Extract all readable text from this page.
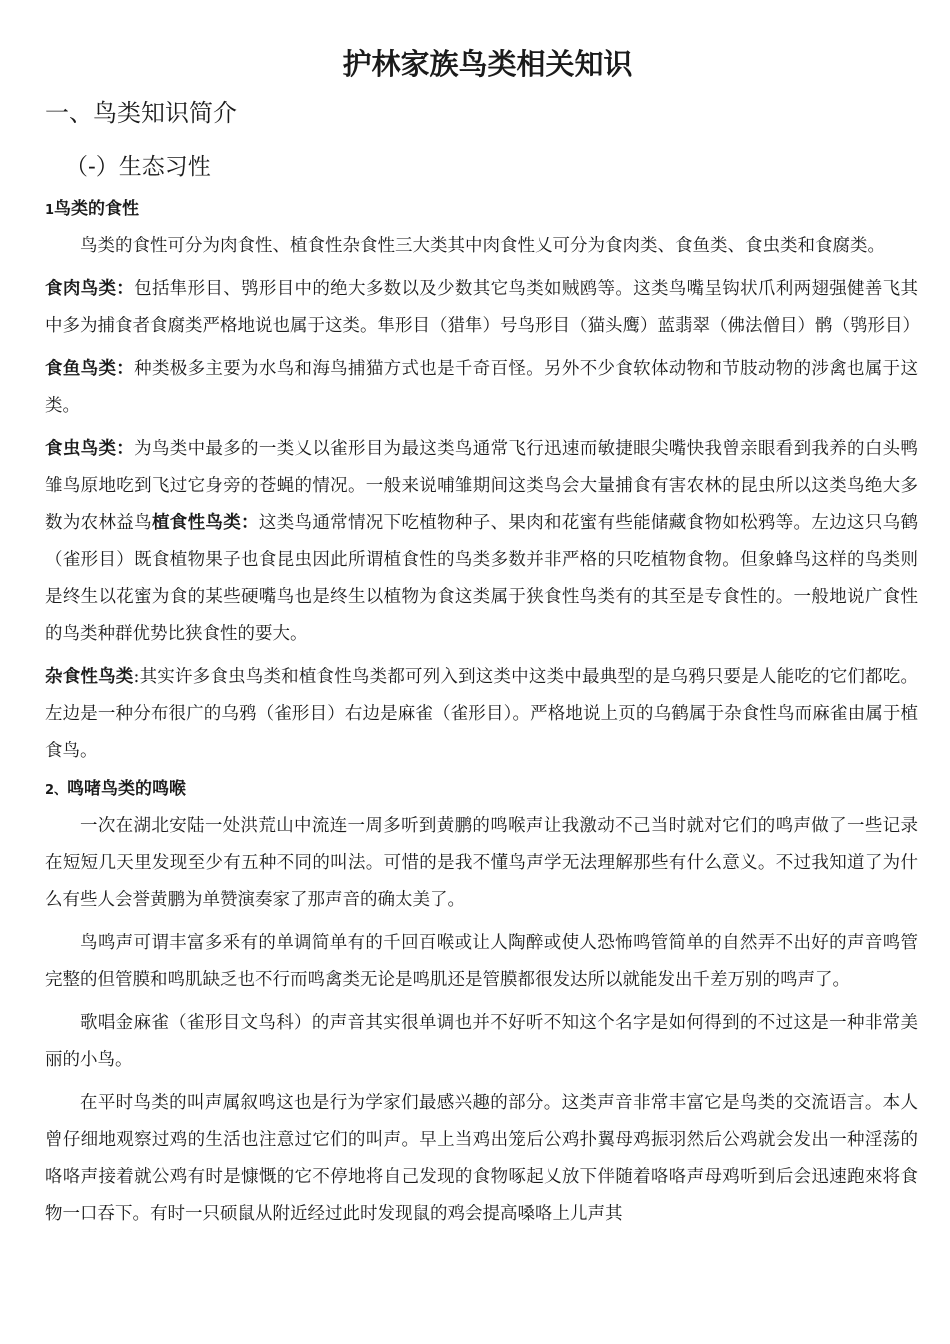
护林家族鸟类相关知识
一、鸟类知识简介
（-）生态习性
1鸟类的食性

鸟类的食性可分为肉食性、植食性杂食性三大类其中肉食性乂可分为食肉类、食鱼类、食虫类和食腐类。

食肉鸟类：包括隼形目、鸮形目中的绝大多数以及少数其它鸟类如贼鸥等。这类鸟嘴呈钩状爪利两翅强健善飞其中多为捕食者食腐类严格地说也属于这类。隼形目（猎隼）号鸟形目（猫头鹰）蓝翡翠（佛法僧目）鹘（鸮形目）

食鱼鸟类：种类极多主要为水鸟和海鸟捕猫方式也是千奇百怪。另外不少食软体动物和节肢动物的涉禽也属于这类。

食虫鸟类：为鸟类中最多的一类乂以雀形目为最这类鸟通常飞行迅速而敏捷眼尖嘴快我曾亲眼看到我养的白头鸭雏鸟原地吃到飞过它身旁的苍蝇的情况。一般来说哺雏期间这类鸟会大量捕食有害农林的昆虫所以这类鸟绝大多数为农林益鸟植食性鸟类：这类鸟通常情况下吃植物种子、果肉和花蜜有些能储藏食物如松鸦等。左边这只乌鹤（雀形目）既食植物果子也食昆虫因此所谓植食性的鸟类多数并非严格的只吃植物食物。但象蜂鸟这样的鸟类则是终生以花蜜为食的某些硬嘴鸟也是终生以植物为食这类属于狭食性鸟类有的其至是专食性的。一般地说广食性的鸟类种群优势比狭食性的要大。

杂食性鸟类:其实许多食虫鸟类和植食性鸟类都可列入到这类中这类中最典型的是乌鸦只要是人能吃的它们都吃。左边是一种分布很广的乌鸦（雀形目）右边是麻雀（雀形目）。严格地说上页的乌鹤属于杂食性鸟而麻雀由属于植食鸟。

2、鸣啫鸟类的鸣喉

一次在湖北安陆一处洪荒山中流连一周多听到黄鹏的鸣喉声让我激动不己当时就对它们的鸣声做了一些记录在短短几天里发现至少有五种不同的叫法。可惜的是我不懂鸟声学无法理解那些有什么意义。不过我知道了为什么有些人会誉黄鹏为单赞演奏家了那声音的确太美了。

鸟鸣声可谓丰富多釆有的单调简单有的千回百喉或让人陶醉或使人恐怖鸣管简单的自然弄不出好的声音鸣管完整的但管膜和鸣肌缺乏也不行而鸣禽类无论是鸣肌还是管膜都很发达所以就能发出千差万别的鸣声了。

歌唱金麻雀（雀形目文鸟科）的声音其实很单调也并不好听不知这个名字是如何得到的不过这是一种非常美丽的小鸟。

在平时鸟类的叫声属叙鸣这也是行为学家们最感兴趣的部分。这类声音非常丰富它是鸟类的交流语言。本人曾仔细地观察过鸡的生活也注意过它们的叫声。早上当鸡出笼后公鸡扑翼母鸡振羽然后公鸡就会发出一种淫荡的咯咯声接着就公鸡有时是慷慨的它不停地将自己发现的食物啄起乂放下伴随着咯咯声母鸡听到后会迅速跑來将食物一口吞下。有时一只硕鼠从附近经过此时发现鼠的鸡会提高嗓咯上儿声其
